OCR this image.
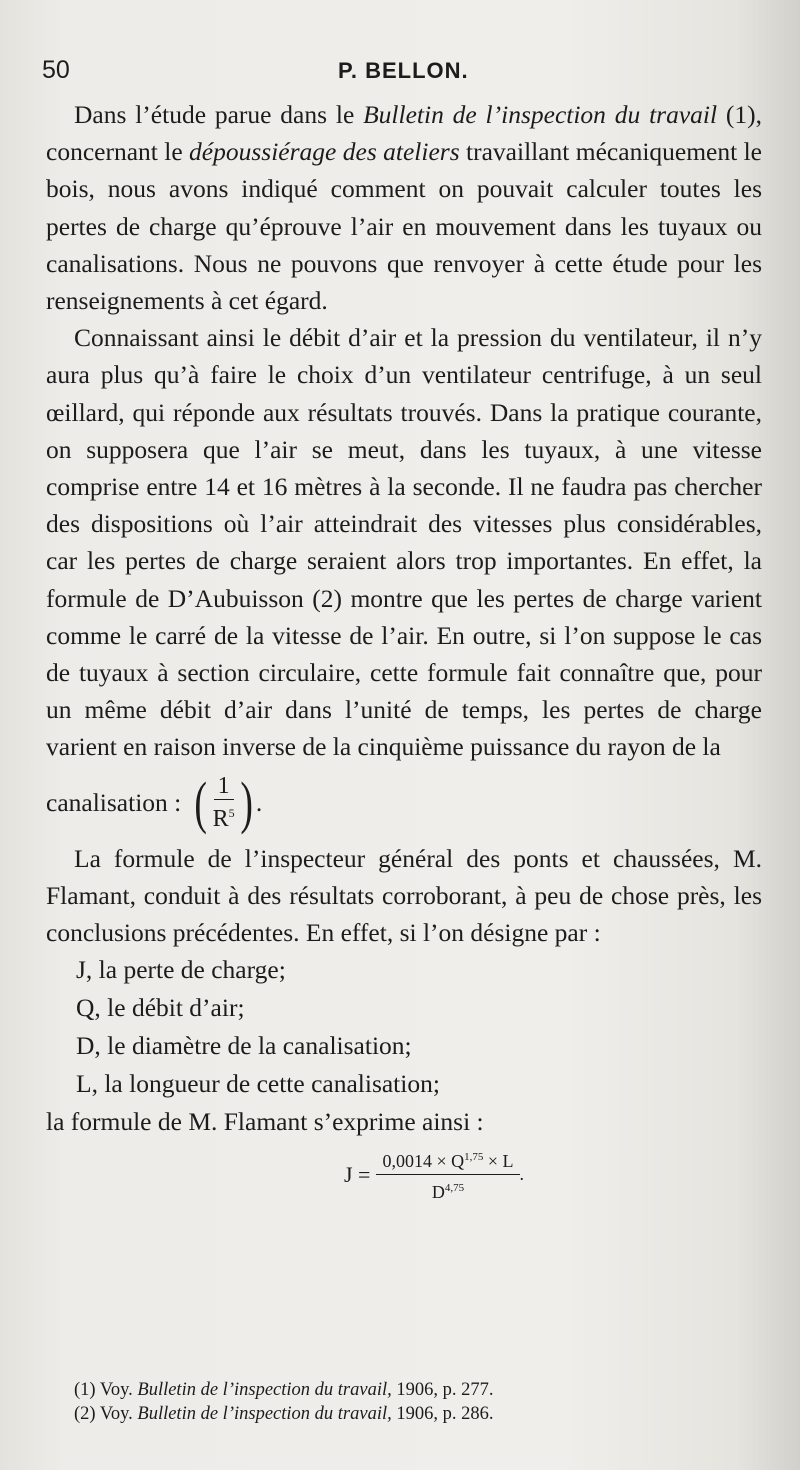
50	P. BELLON.

Dans l’étude parue dans le Bulletin de l’inspection du travail (1), concernant le dépoussiérage des ateliers travaillant mécaniquement le bois, nous avons indiqué comment on pouvait calculer toutes les pertes de charge qu’éprouve l’air en mouvement dans les tuyaux ou canalisations. Nous ne pouvons que renvoyer à cette étude pour les renseignements à cet égard.

Connaissant ainsi le débit d’air et la pression du ventilateur, il n’y aura plus qu’à faire le choix d’un ventilateur centrifuge, à un seul œillard, qui réponde aux résultats trouvés. Dans la pratique courante, on supposera que l’air se meut, dans les tuyaux, à une vitesse comprise entre 14 et 16 mètres à la seconde. Il ne faudra pas chercher des dispositions où l’air atteindrait des vitesses plus considérables, car les pertes de charge seraient alors trop importantes. En effet, la formule de D’Aubuisson (2) montre que les pertes de charge varient comme le carré de la vitesse de l’air. En outre, si l’on suppose le cas de tuyaux à section circulaire, cette formule fait connaître que, pour un même débit d’air dans l’unité de temps, les pertes de charge varient en raison inverse de la cinquième puissance du rayon de la

canalisation : ( $\frac{1}{R^5}$ ) .

La formule de l’inspecteur général des ponts et chaussées, M. Flamant, conduit à des résultats corroborant, à peu de chose près, les conclusions précédentes. En effet, si l’on désigne par :

J, la perte de charge;
Q, le débit d’air;
D, le diamètre de la canalisation;
L, la longueur de cette canalisation;

la formule de M. Flamant s’exprime ainsi :

$J = \frac{0,0014 \times Q^{1,75} \times L}{D^{4,75}}$ .
(1) Voy. Bulletin de l’inspection du travail, 1906, p. 277.
(2) Voy. Bulletin de l’inspection du travail, 1906, p. 286.
